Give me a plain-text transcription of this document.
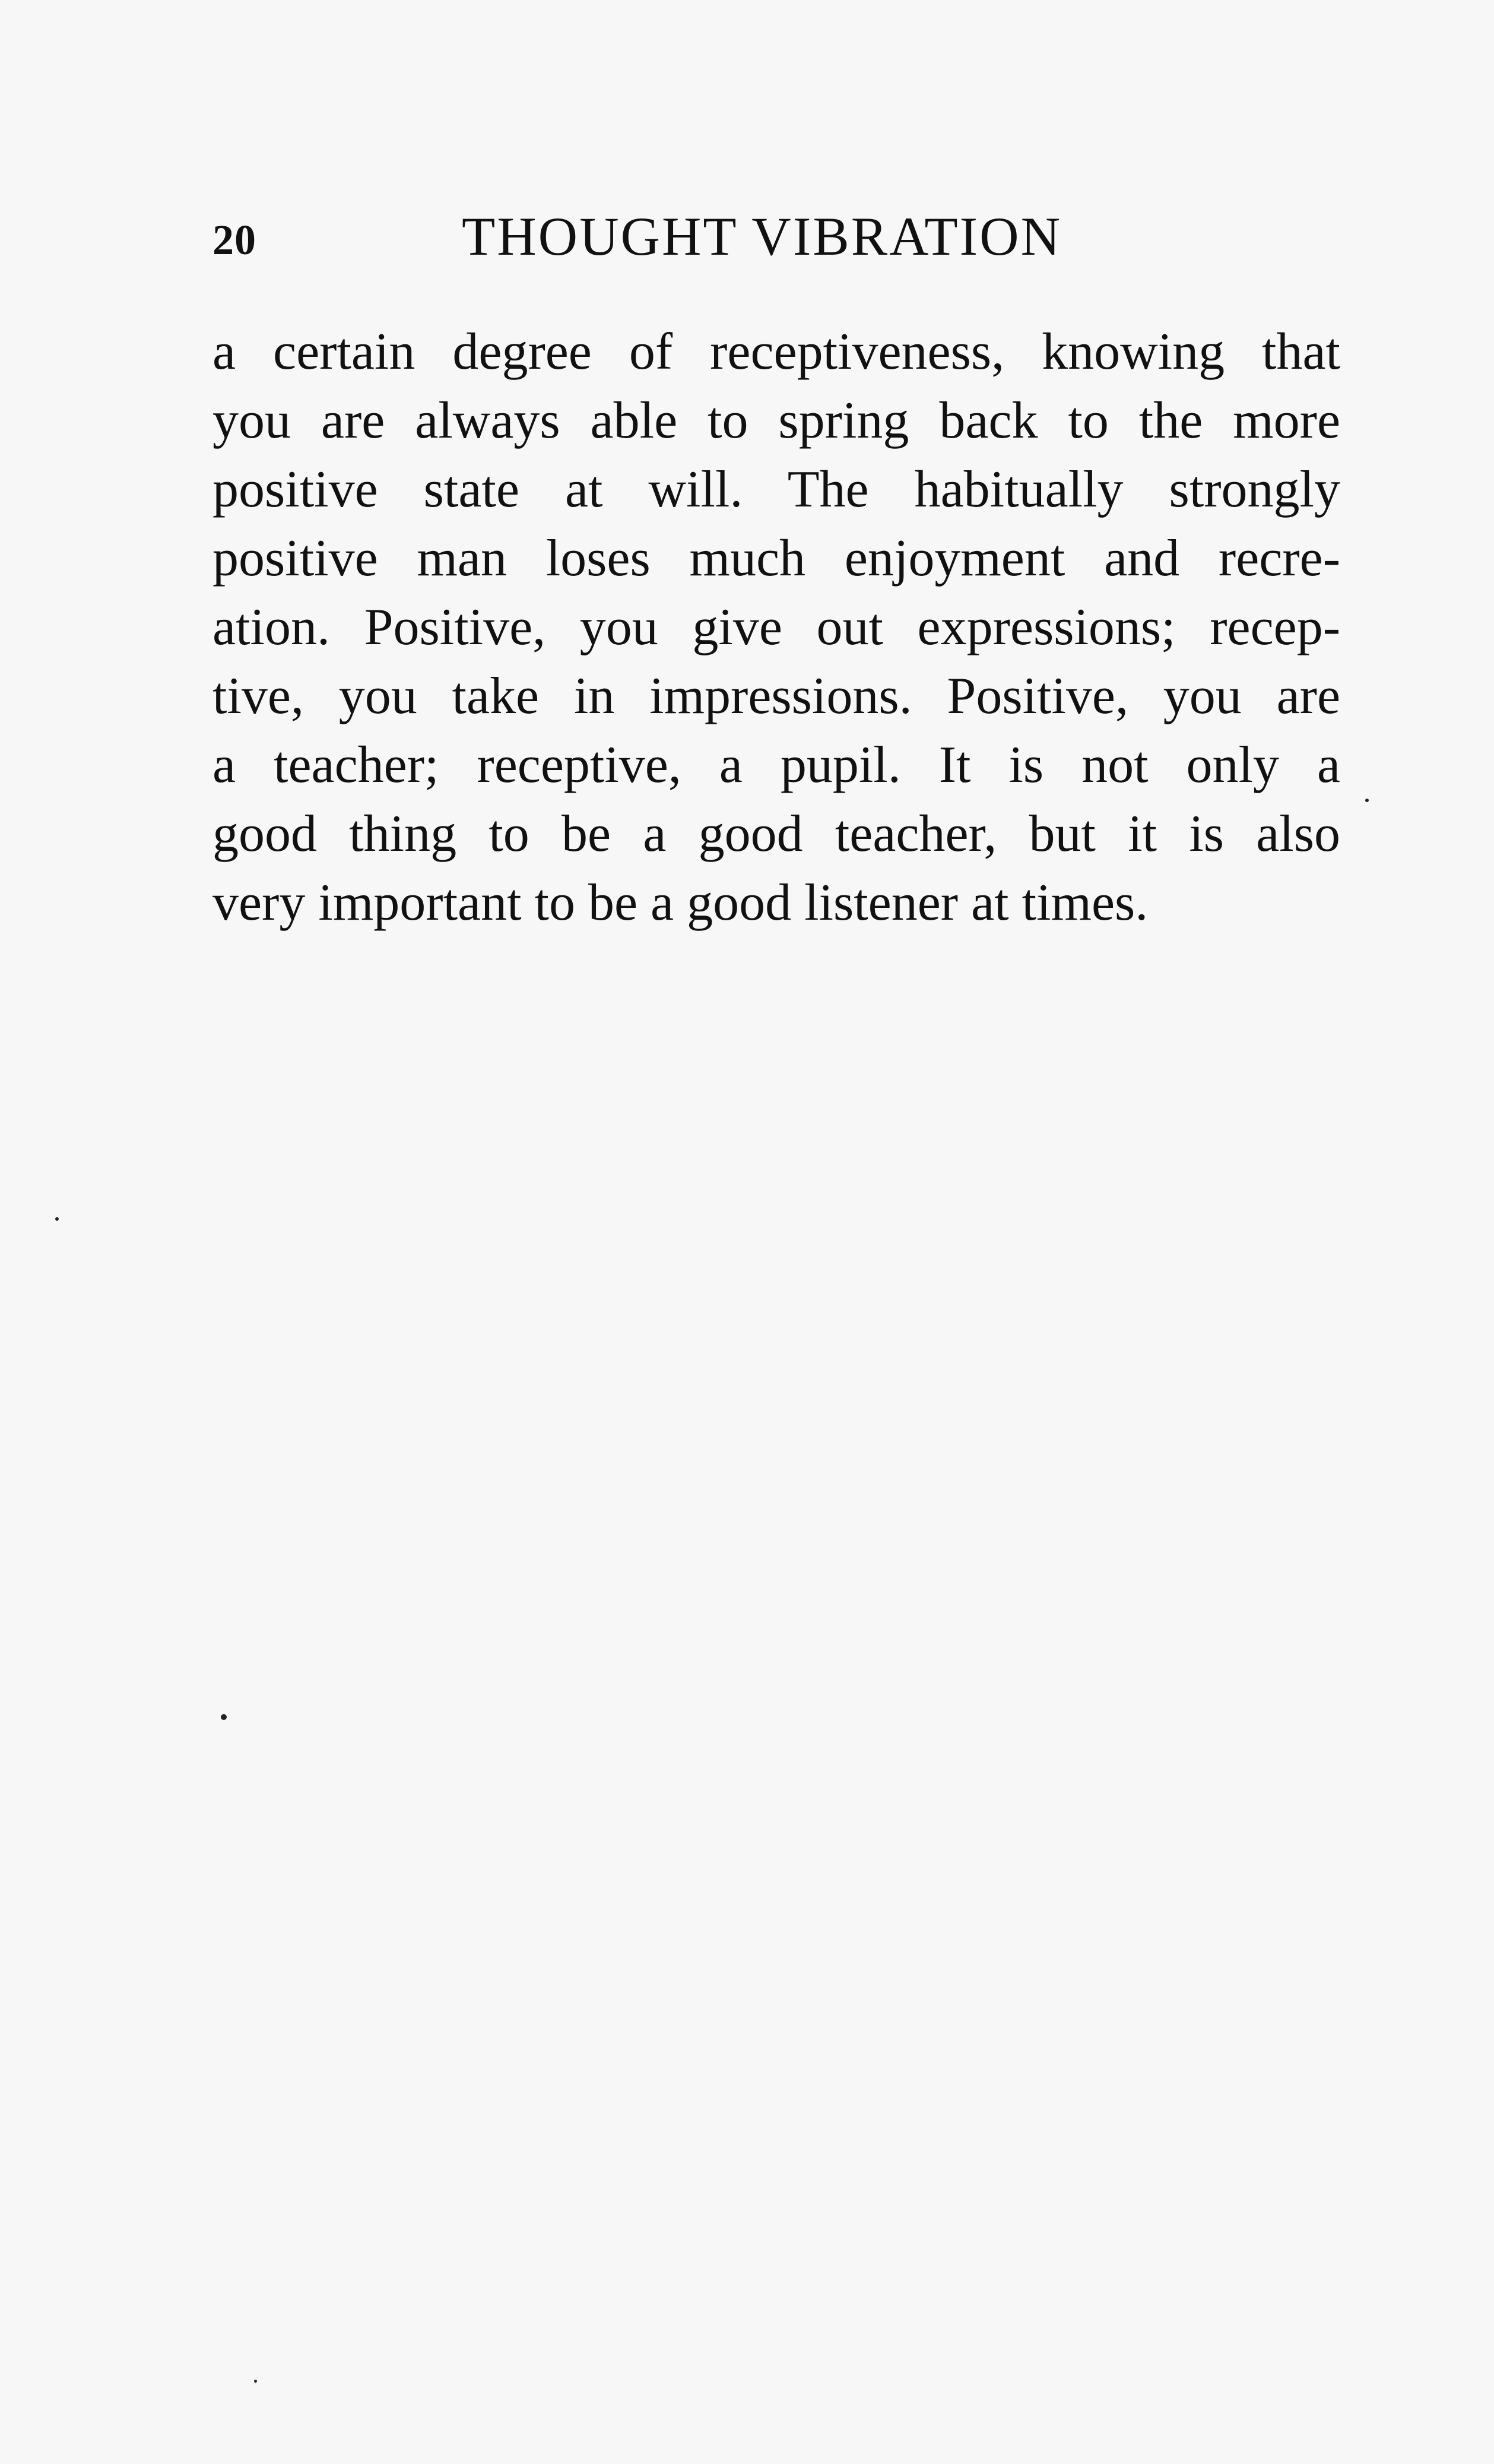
20	THOUGHT VIBRATION
a certain degree of receptiveness, knowing that
you are always able to spring back to the more
positive state at will. The habitually strongly
positive man loses much enjoyment and recre-
ation. Positive, you give out expressions; recep-
tive, you take in impressions. Positive, you are
a teacher; receptive, a pupil. It is not only a
good thing to be a good teacher, but it is also
very important to be a good listener at times.
